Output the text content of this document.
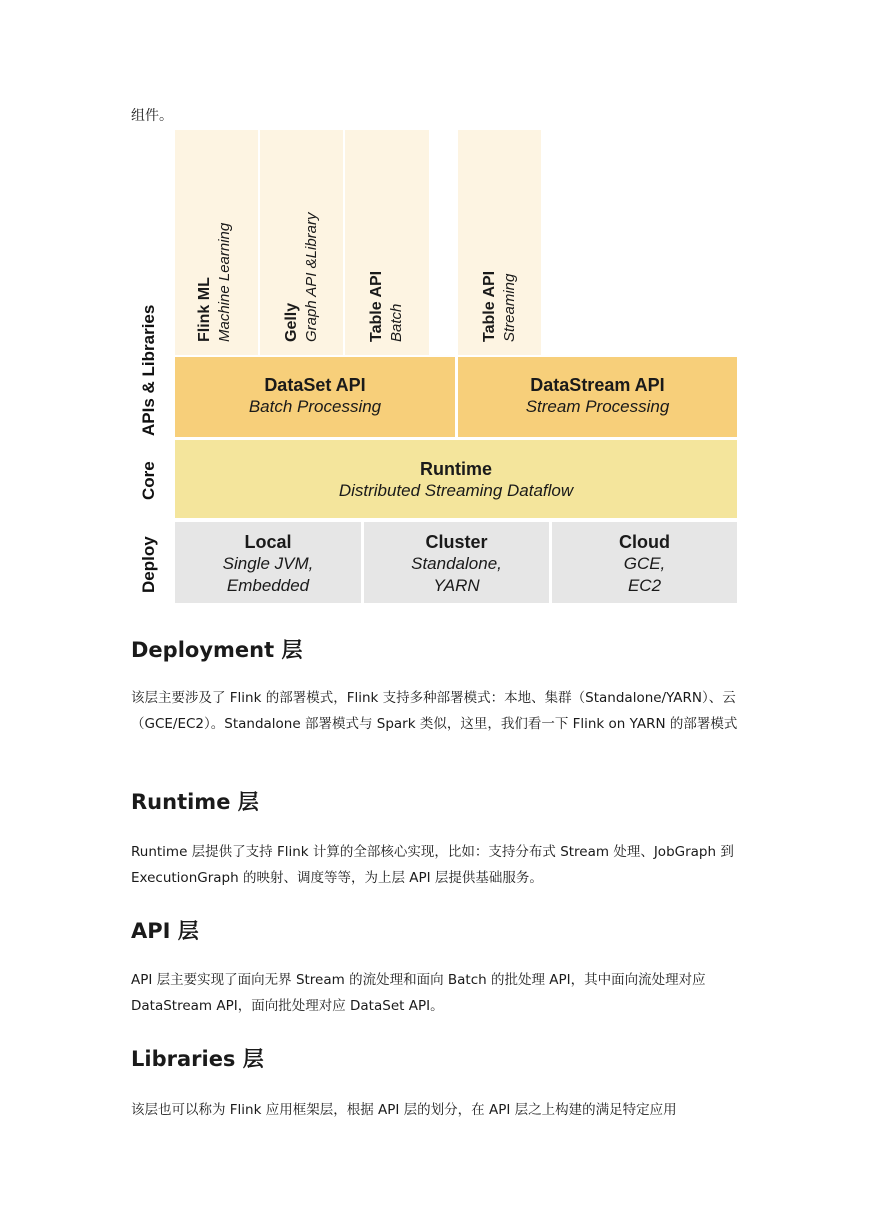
组件。
APIs & Libraries
Core
Deploy
Flink ML Machine Learning	Gelly Graph API &Library	Table API Batch	Table API Streaming
DataSet API
Batch Processing
DataStream API
Stream Processing
Runtime
Distributed Streaming Dataflow
Local
Single JVM,
Embedded
Cluster
Standalone,
YARN
Cloud
GCE,
EC2
Deployment 层
该层主要涉及了 Flink 的部署模式，Flink 支持多种部署模式：本地、集群（Standalone/YARN）、云（GCE/EC2）。Standalone 部署模式与 Spark 类似，这里，我们看一下 Flink on YARN 的部署模式
Runtime 层
Runtime 层提供了支持 Flink 计算的全部核心实现，比如：支持分布式 Stream 处理、JobGraph 到 ExecutionGraph 的映射、调度等等，为上层 API 层提供基础服务。
API 层
API 层主要实现了面向无界 Stream 的流处理和面向 Batch 的批处理 API，其中面向流处理对应 DataStream API，面向批处理对应 DataSet API。
Libraries 层
该层也可以称为 Flink 应用框架层，根据 API 层的划分，在 API 层之上构建的满足特定应用
